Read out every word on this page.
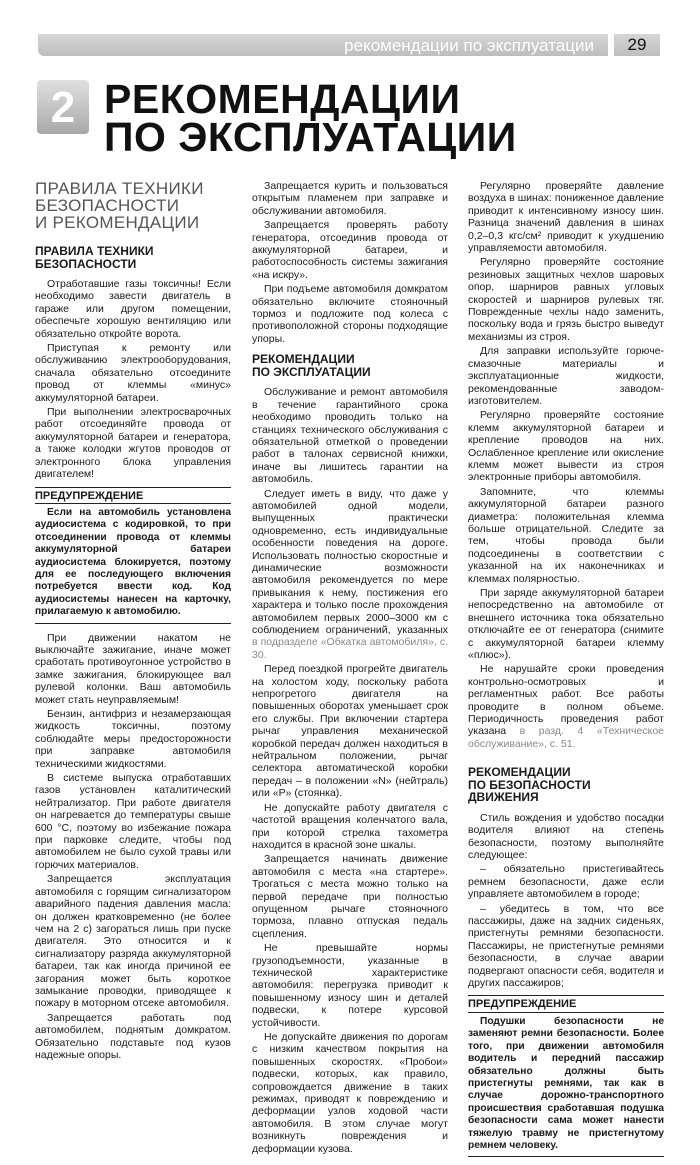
рекомендации по эксплуатации	29
2 РЕКОМЕНДАЦИИ
ПО ЭКСПЛУАТАЦИИ
ПРАВИЛА ТЕХНИКИ
БЕЗОПАСНОСТИ
И РЕКОМЕНДАЦИИ
ПРАВИЛА ТЕХНИКИ
БЕЗОПАСНОСТИ

Отработавшие газы токсичны! Если необходимо завести двигатель в гараже или другом помещении, обеспечьте хорошую вентиляцию или обязательно откройте ворота.

Приступая к ремонту или обслуживанию электрооборудования, сначала обязательно отсоедините провод от клеммы «минус» аккумуляторной батареи.

При выполнении электросварочных работ отсоединяйте провода от аккумуляторной батареи и генератора, а также колодки жгутов проводов от электронного блока управления двигателем!

ПРЕДУПРЕЖДЕНИЕ

Если на автомобиль установлена аудиосистема с кодировкой, то при отсоединении провода от клеммы аккумуляторной батареи аудиосистема блокируется, поэтому для ее последующего включения потребуется ввести код. Код аудиосистемы нанесен на карточку, прилагаемую к автомобилю.

При движении накатом не выключайте зажигание, иначе может сработать противоугонное устройство в замке зажигания, блокирующее вал рулевой колонки. Ваш автомобиль может стать неуправляемым!

Бензин, антифриз и незамерзающая жидкость токсичны, поэтому соблюдайте меры предосторожности при заправке автомобиля техническими жидкостями.

В системе выпуска отработавших газов установлен каталитический нейтрализатор. При работе двигателя он нагревается до температуры свыше 600 °С, поэтому во избежание пожара при парковке следите, чтобы под автомобилем не было сухой травы или горючих материалов.

Запрещается эксплуатация автомобиля с горящим сигнализатором аварийного падения давления масла: он должен кратковременно (не более чем на 2 с) загораться лишь при пуске двигателя. Это относится и к сигнализатору разряда аккумуляторной батареи, так как иногда причиной ее загорания может быть короткое замыкание проводки, приводящее к пожару в моторном отсеке автомобиля.

Запрещается работать под автомобилем, поднятым домкратом. Обязательно подставьте под кузов надежные опоры.

Запрещается курить и пользоваться открытым пламенем при заправке и обслуживании автомобиля.

Запрещается проверять работу генератора, отсоединив провода от аккумуляторной батареи, и работоспособность системы зажигания «на искру».

При подъеме автомобиля домкратом обязательно включите стояночный тормоз и подложите под колеса с противоположной стороны подходящие упоры.

РЕКОМЕНДАЦИИ
ПО ЭКСПЛУАТАЦИИ

Обслуживание и ремонт автомобиля в течение гарантийного срока необходимо проводить только на станциях технического обслуживания с обязательной отметкой о проведении работ в талонах сервисной книжки, иначе вы лишитесь гарантии на автомобиль.

Следует иметь в виду, что даже у автомобилей одной модели, выпущенных практически одновременно, есть индивидуальные особенности поведения на дороге. Использовать полностью скоростные и динамические возможности автомобиля рекомендуется по мере привыкания к нему, постижения его характера и только после прохождения автомобилем первых 2000–3000 км с соблюдением ограничений, указанных в подразделе «Обкатка автомобиля», с. 30.

Перед поездкой прогрейте двигатель на холостом ходу, поскольку работа непрогретого двигателя на повышенных оборотах уменьшает срок его службы. При включении стартера рычаг управления механической коробкой передач должен находиться в нейтральном положении, рычаг селектора автоматической коробки передач – в положении «N» (нейтраль) или «P» (стоянка).

Не допускайте работу двигателя с частотой вращения коленчатого вала, при которой стрелка тахометра находится в красной зоне шкалы.

Запрещается начинать движение автомобиля с места «на стартере». Трогаться с места можно только на первой передаче при полностью опущенном рычаге стояночного тормоза, плавно отпуская педаль сцепления.

Не превышайте нормы грузоподъемности, указанные в технической характеристике автомобиля: перегрузка приводит к повышенному износу шин и деталей подвески, к потере курсовой устойчивости.

Не допускайте движения по дорогам с низким качеством покрытия на повышенных скоростях. «Пробои» подвески, которых, как правило, сопровождается движение в таких режимах, приводят к повреждению и деформации узлов ходовой части автомобиля. В этом случае могут возникнуть повреждения и деформации кузова.

Регулярно проверяйте давление воздуха в шинах: пониженное давление приводит к интенсивному износу шин. Разница значений давления в шинах 0,2–0,3 кгс/см² приводит к ухудшению управляемости автомобиля.

Регулярно проверяйте состояние резиновых защитных чехлов шаровых опор, шарниров равных угловых скоростей и шарниров рулевых тяг. Поврежденные чехлы надо заменить, поскольку вода и грязь быстро выведут механизмы из строя.

Для заправки используйте горюче-смазочные материалы и эксплуатационные жидкости, рекомендованные заводом-изготовителем.

Регулярно проверяйте состояние клемм аккумуляторной батареи и крепление проводов на них. Ослабленное крепление или окисление клемм может вывести из строя электронные приборы автомобиля.

Запомните, что клеммы аккумуляторной батареи разного диаметра: положительная клемма больше отрицательной. Следите за тем, чтобы провода были подсоединены в соответствии с указанной на их наконечниках и клеммах полярностью.

При заряде аккумуляторной батареи непосредственно на автомобиле от внешнего источника тока обязательно отключайте ее от генератора (снимите с аккумуляторной батареи клемму «плюс»).

Не нарушайте сроки проведения контрольно-осмотровых и регламентных работ. Все работы проводите в полном объеме. Периодичность проведения работ указана в разд. 4 «Техническое обслуживание», с. 51.

РЕКОМЕНДАЦИИ
ПО БЕЗОПАСНОСТИ
ДВИЖЕНИЯ

Стиль вождения и удобство посадки водителя влияют на степень безопасности, поэтому выполняйте следующее:

– обязательно пристегивайтесь ремнем безопасности, даже если управляете автомобилем в городе;

– убедитесь в том, что все пассажиры, даже на задних сиденьях, пристегнуты ремнями безопасности. Пассажиры, не пристегнутые ремнями безопасности, в случае аварии подвергают опасности себя, водителя и других пассажиров;

ПРЕДУПРЕЖДЕНИЕ

Подушки безопасности не заменяют ремни безопасности. Более того, при движении автомобиля водитель и передний пассажир обязательно должны быть пристегнуты ремнями, так как в случае дорожно-транспортного происшествия сработавшая подушка безопасности сама может нанести тяжелую травму не пристегнутому ремнем человеку.
